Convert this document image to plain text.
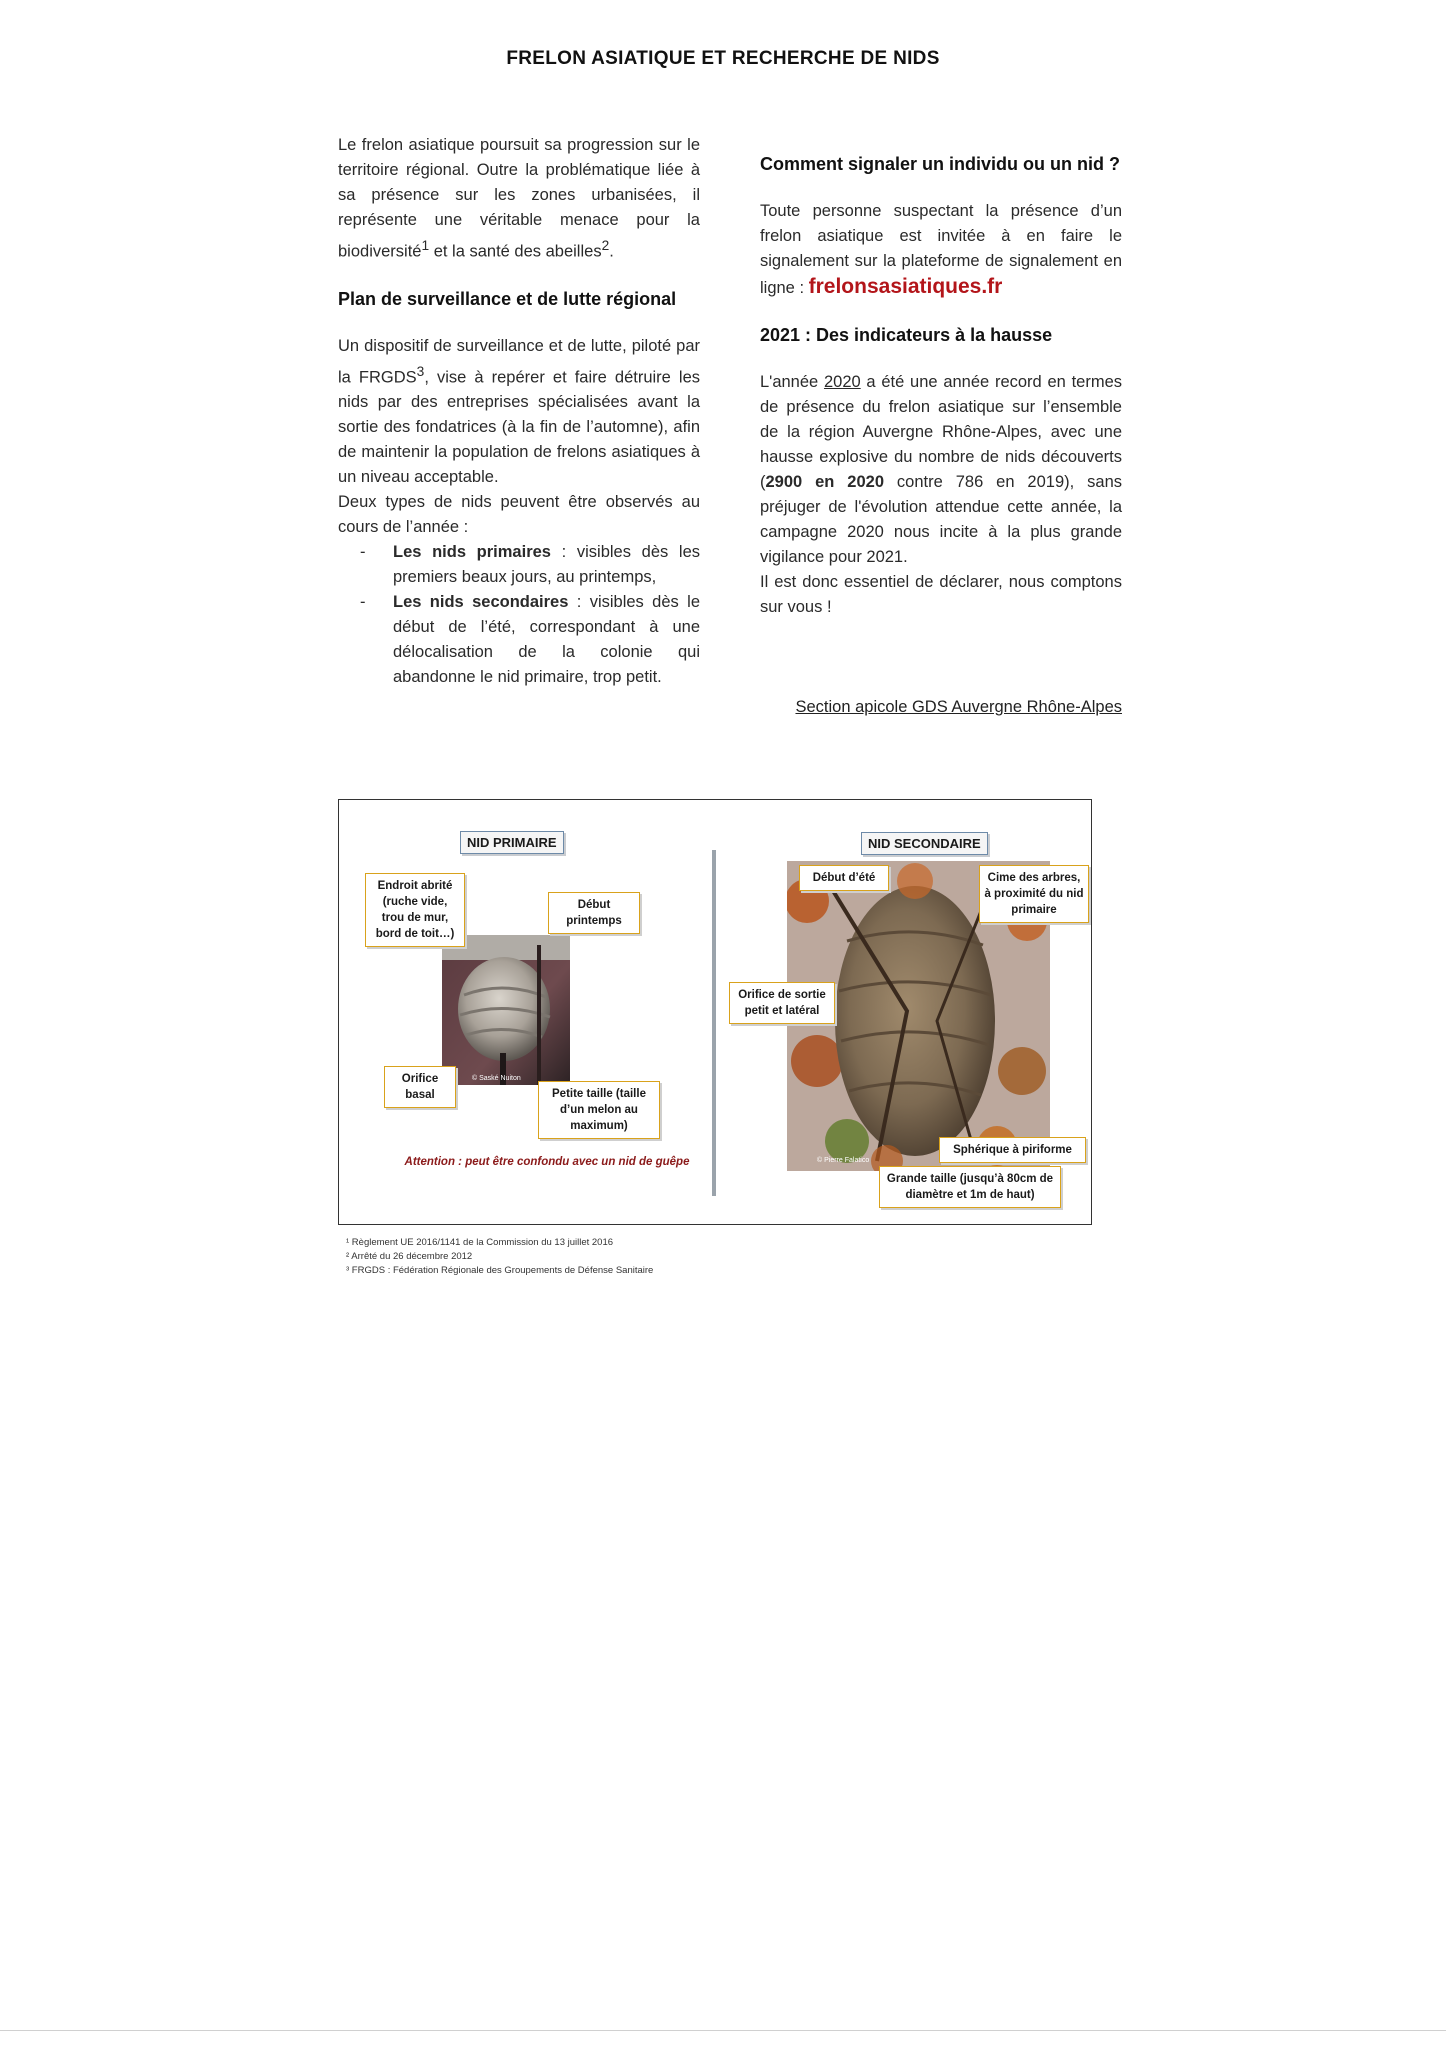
FRELON ASIATIQUE ET RECHERCHE DE NIDS

Le frelon asiatique poursuit sa progression sur le territoire régional. Outre la problématique liée à sa présence sur les zones urbanisées, il représente une véritable menace pour la biodiversité$^1$ et la santé des abeilles$^2$.

Plan de surveillance et de lutte régional

Un dispositif de surveillance et de lutte, piloté par la FRGDS$^3$, vise à repérer et faire détruire les nids par des entreprises spécialisées avant la sortie des fondatrices (à la fin de l’automne), afin de maintenir la population de frelons asiatiques à un niveau acceptable.

Deux types de nids peuvent être observés au cours de l’année :

- Les nids primaires : visibles dès les premiers beaux jours, au printemps,
- Les nids secondaires : visibles dès le début de l’été, correspondant à une délocalisation de la colonie qui abandonne le nid primaire, trop petit.
Comment signaler un individu ou un nid ?

Toute personne suspectant la présence d’un frelon asiatique est invitée à en faire le signalement sur la plateforme de signalement en ligne : frelonsasiatiques.fr

2021 : Des indicateurs à la hausse

L'année 2020 a été une année record en termes de présence du frelon asiatique sur l’ensemble de la région Auvergne Rhône-Alpes, avec une hausse explosive du nombre de nids découverts (2900 en 2020 contre 786 en 2019), sans préjuger de l'évolution attendue cette année, la campagne 2020 nous incite à la plus grande vigilance pour 2021.

Il est donc essentiel de déclarer, nous comptons sur vous !

Section apicole GDS Auvergne Rhône-Alpes
NID PRIMAIRE
© Saské Nuiton
Endroit abrité (ruche vide, trou de mur, bord de toit…)
Début printemps
Orifice basal	Petite taille (taille d’un melon au maximum)
Attention : peut être confondu avec un nid de guêpe
NID SECONDAIRE
© Pierre Falatico
Début d’été	Cime des arbres, à proximité du nid primaire
Orifice de sortie petit et latéral
Sphérique à piriforme
Grande taille (jusqu’à 80cm de diamètre et 1m de haut)
¹ Règlement UE 2016/1141 de la Commission du 13 juillet 2016
² Arrêté du 26 décembre 2012
³ FRGDS : Fédération Régionale des Groupements de Défense Sanitaire
